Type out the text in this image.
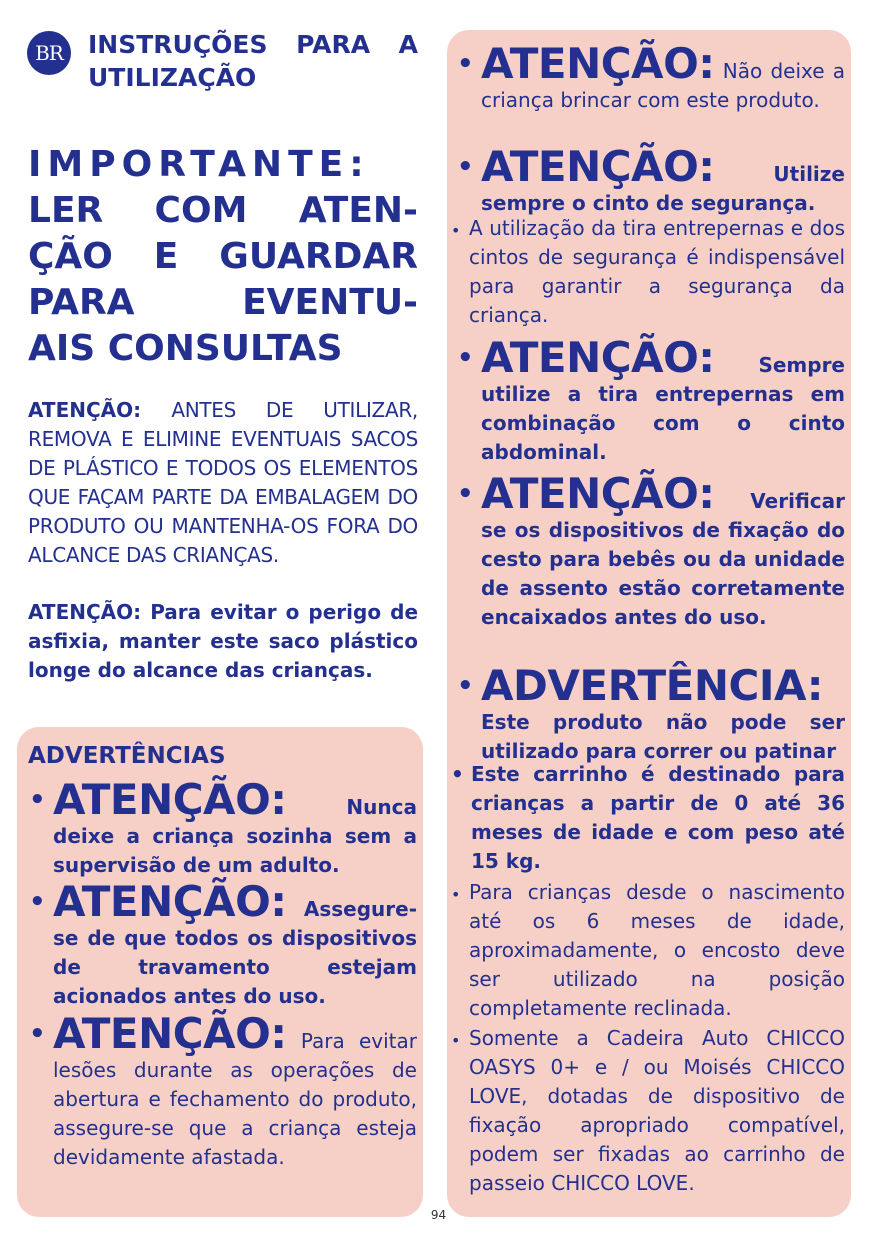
BR	INSTRUÇÕES PARA A UTILIZAÇÃO
IMPORTANTE:
LER COM ATEN-
ÇÃO E GUARDAR
PARA EVENTU-
AIS CONSULTAS
ATENÇÃO: ANTES DE UTILIZAR, REMOVA E ELIMINE EVENTUAIS SACOS DE PLÁSTICO E TODOS OS ELEMENTOS QUE FAÇAM PARTE DA EMBALAGEM DO PRODUTO OU MANTENHA-OS FORA DO ALCANCE DAS CRIANÇAS.
ATENÇÃO: Para evitar o perigo de asfixia, manter este saco plástico longe do alcance das crianças.
ADVERTÊNCIAS
• ATENÇÃO:	Nunca deixe a criança sozinha sem a supervisão de um adulto.
• ATENÇÃO: Assegure-se de que todos os dispositivos de travamento estejam acionados antes do uso.
• ATENÇÃO: Para evitar lesões durante as operações de abertura e fechamento do produto, assegure-se que a criança esteja devidamente afastada.
• ATENÇÃO: Não deixe a criança brincar com este produto.
• ATENÇÃO:	Utilize sempre o cinto de segurança.
• A utilização da tira entrepernas e dos cintos de segurança é indispensável para garantir a segurança da criança.
• ATENÇÃO: Sempre utilize a tira entrepernas em combinação com o cinto abdominal.
• ATENÇÃO: Verificar se os dispositivos de fixação do cesto para bebês ou da unidade de assento estão corretamente encaixados antes do uso.
• ADVERTÊNCIA: Este produto não pode ser utilizado para correr ou patinar
• Este carrinho é destinado para crianças a partir de 0 até 36 meses de idade e com peso até 15 kg.
• Para crianças desde o nascimento até os 6 meses de idade, aproximadamente, o encosto deve ser utilizado na posição completamente reclinada.
• Somente a Cadeira Auto CHICCO OASYS 0+ e / ou Moisés CHICCO LOVE, dotadas de dispositivo de fixação apropriado compatível, podem ser fixadas ao carrinho de passeio CHICCO LOVE.
94
